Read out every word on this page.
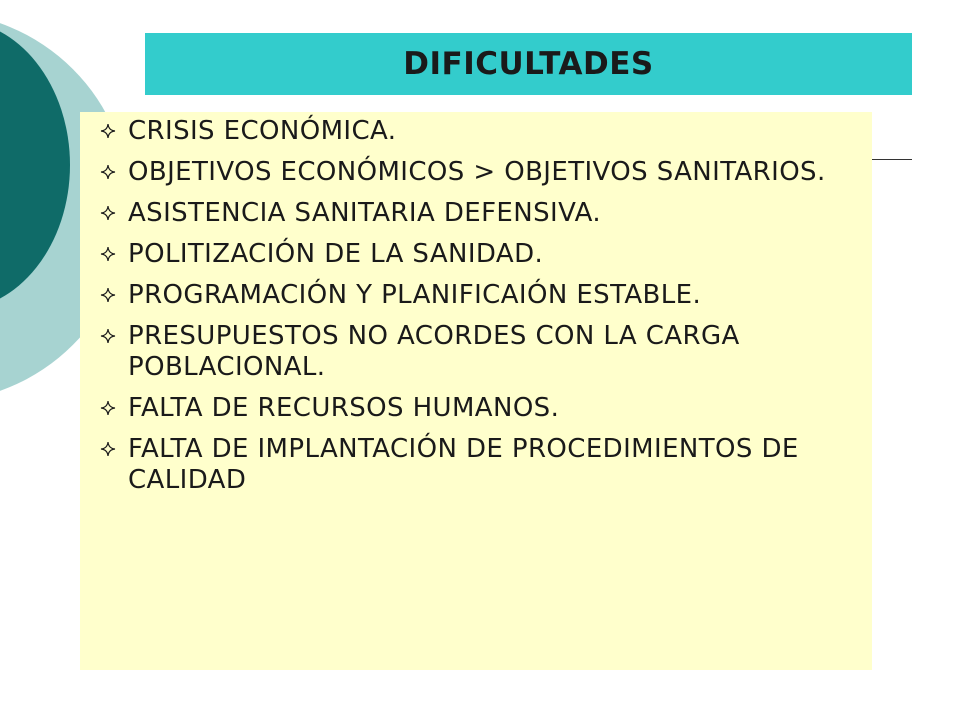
DIFICULTADES
CRISIS ECONÓMICA.
OBJETIVOS ECONÓMICOS > OBJETIVOS SANITARIOS.
ASISTENCIA SANITARIA DEFENSIVA.
POLITIZACIÓN DE LA SANIDAD.
PROGRAMACIÓN Y PLANIFICAIÓN ESTABLE.
PRESUPUESTOS NO ACORDES CON LA CARGA POBLACIONAL.
FALTA DE RECURSOS HUMANOS.
FALTA DE IMPLANTACIÓN DE PROCEDIMIENTOS DE CALIDAD
